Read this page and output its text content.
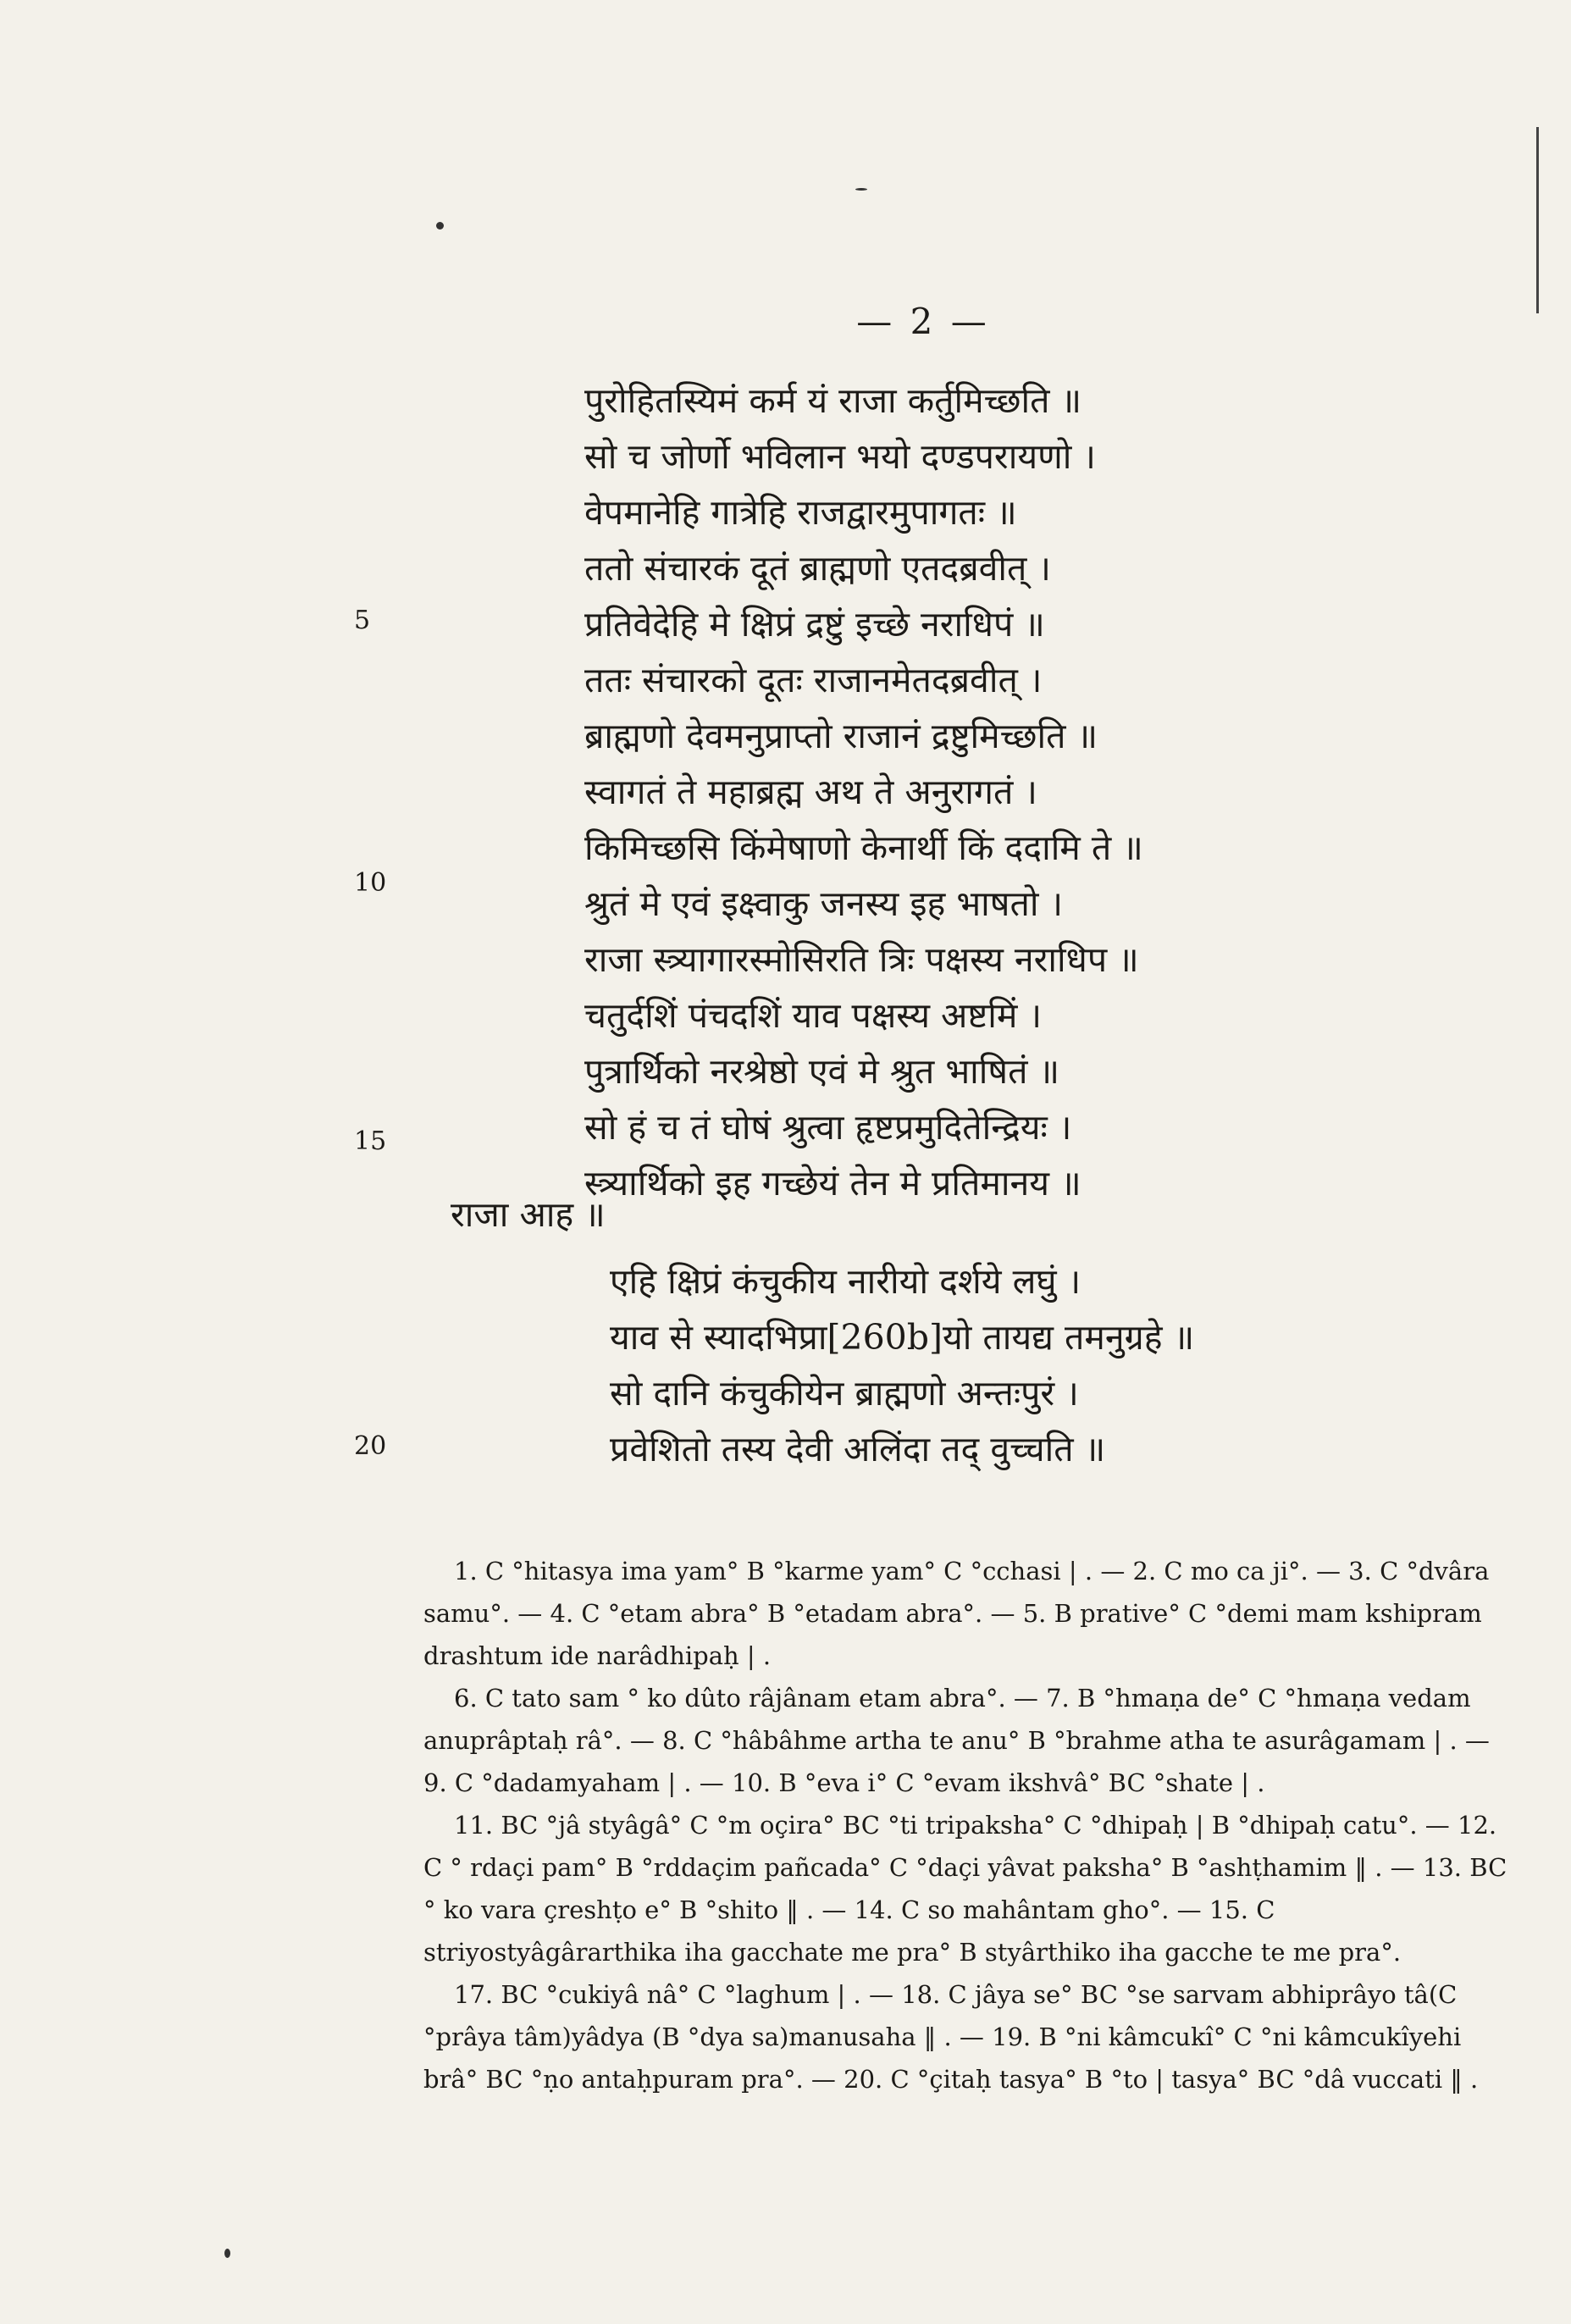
— 2 —
पुरोहितस्यिमं कर्म यं राजा कर्तुमिच्छति ॥
सो च जोर्णो भविलान भयो दण्डपरायणो ।
वेपमानेहि गात्रेहि राजद्वारमुपागतः ॥
ततो संचारकं दूतं ब्राह्मणो एतदब्रवीत् ।
प्रतिवेदेहि मे क्षिप्रं द्रष्टुं इच्छे नराधिपं ॥
ततः संचारको दूतः राजानमेतदब्रवीत् ।
ब्राह्मणो देवमनुप्राप्तो राजानं द्रष्टुमिच्छति ॥
स्वागतं ते महाब्रह्म अथ ते अनुरागतं ।
किमिच्छसि किंमेषाणो केनार्थी किं ददामि ते ॥
श्रुतं मे एवं इक्ष्वाकु जनस्य इह भाषतो ।
राजा स्त्र्यागारस्मोसिरति त्रिः पक्षस्य नराधिप ॥
चतुर्दशिं पंचदशिं याव पक्षस्य अष्टमिं ।
पुत्रार्थिको नरश्रेष्ठो एवं मे श्रुत भाषितं ॥
सो हं च तं घोषं श्रुत्वा हृष्टप्रमुदितेन्द्रियः ।
स्त्र्यार्थिको इह गच्छेयं तेन मे प्रतिमानय ॥
5
10
15
20
राजा आह ॥
एहि क्षिप्रं कंचुकीय नारीयो दर्शये लघुं ।
याव से स्यादभिप्रा[260b]यो तायद्य तमनुग्रहे ॥
सो दानि कंचुकीयेन ब्राह्मणो अन्तःपुरं ।
प्रवेशितो तस्य देवी अलिंदा तद् वुच्चति ॥

1. C °hitasya ima yam° B °karme yam° C °cchasi | . — 2. C mo ca ji°. — 3. C °dvâra samu°. — 4. C °etam abra° B °etadam abra°. — 5. B prative° C °demi mam kshipram drashtum ide narâdhipaḥ | .

6. C tato sam ° ko dûto râjânam etam abra°. — 7. B °hmaṇa de° C °hmaṇa vedam anuprâptaḥ râ°. — 8. C °hâbâhme artha te anu° B °brahme atha te asurâgamam | . — 9. C °dadamyaham | . — 10. B °eva i° C °evam ikshvâ° BC °shate | .

11. BC °jâ styâgâ° C °m oçira° BC °ti tripaksha° C °dhipaḥ | B °dhipaḥ catu°. — 12. C ° rdaçi pam° B °rddaçim pañcada° C °daçi yâvat paksha° B °ashṭhamim ‖ . — 13. BC ° ko vara çreshṭo e° B °shito ‖ . — 14. C so mahântam gho°. — 15. C striyostyâgârarthika iha gacchate me pra° B styârthiko iha gacche te me pra°.

17. BC °cukiyâ nâ° C °laghum | . — 18. C jâya se° BC °se sarvam abhiprâyo tâ(C °prâya tâm)yâdya (B °dya sa)manusaha ‖ . — 19. B °ni kâmcukî° C °ni kâmcukîyehi brâ° BC °ṇo antaḥpuram pra°. — 20. C °çitaḥ tasya° B °to | tasya° BC °dâ vuccati ‖ .
